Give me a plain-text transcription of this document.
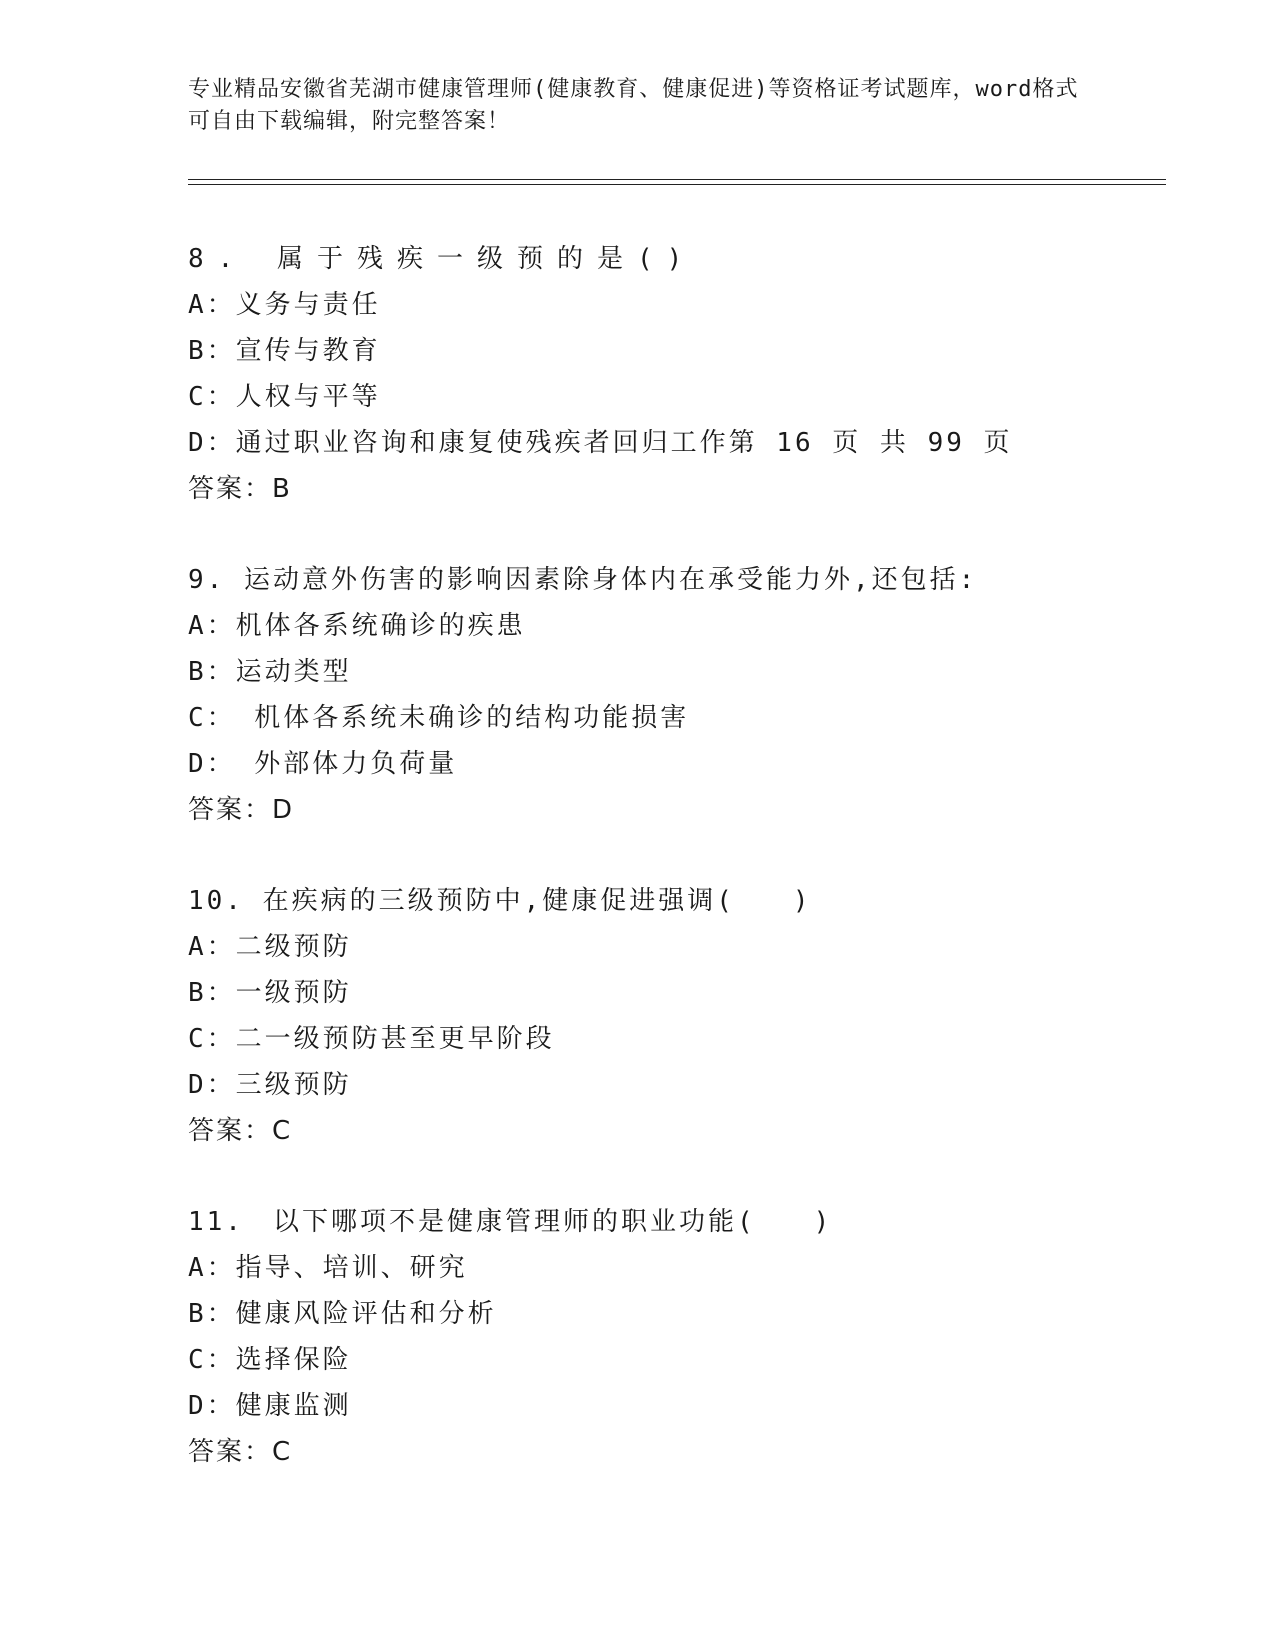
专业精品安徽省芜湖市健康管理师(健康教育、健康促进)等资格证考试题库，word格式可自由下载编辑，附完整答案！
8. 属于残疾一级预的是()
A：义务与责任
B：宣传与教育
C：人权与平等
D：通过职业咨询和康复使残疾者回归工作第 16 页 共 99 页
答案：B
9. 运动意外伤害的影响因素除身体内在承受能力外,还包括:
A：机体各系统确诊的疾患
B：运动类型
C： 机体各系统未确诊的结构功能损害
D： 外部体力负荷量
答案：D
10. 在疾病的三级预防中,健康促进强调(　　)
A：二级预防
B：一级预防
C：二一级预防甚至更早阶段
D：三级预防
答案：C
11.　以下哪项不是健康管理师的职业功能(　　)
A：指导、培训、研究
B：健康风险评估和分析
C：选择保险
D：健康监测
答案：C
